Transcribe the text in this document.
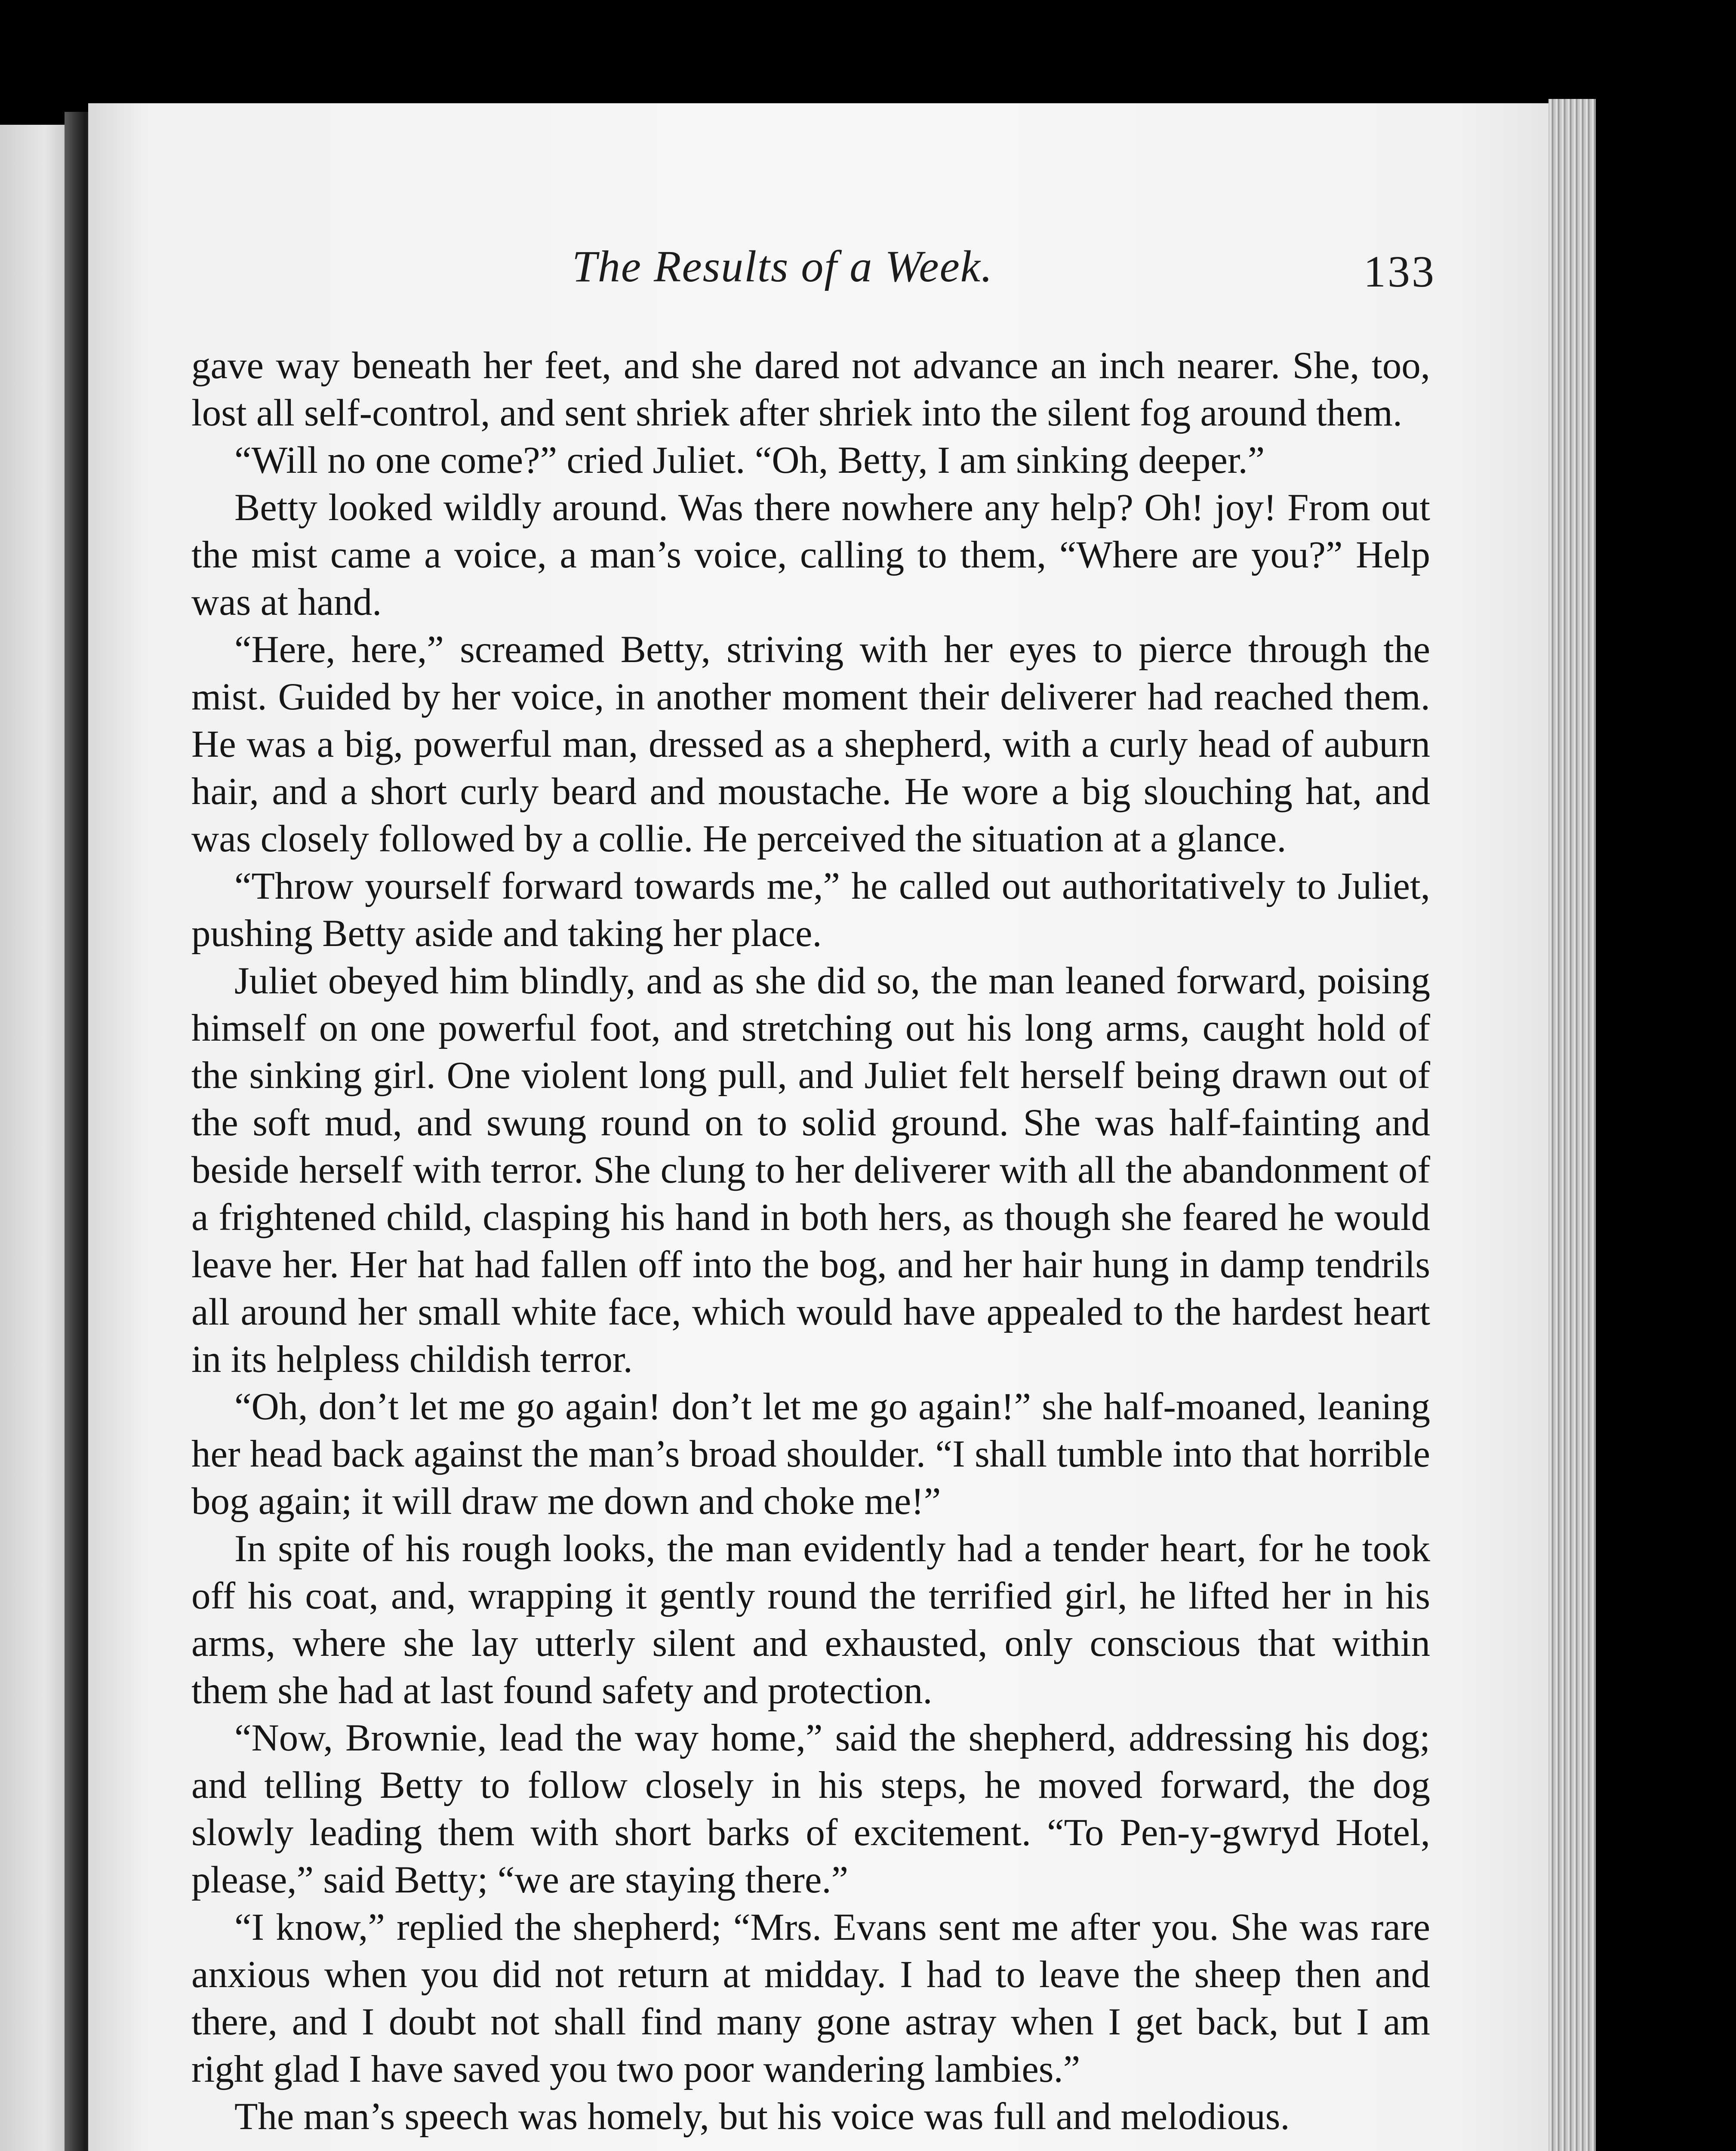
The Results of a Week.	133

gave way beneath her feet, and she dared not advance an inch nearer. She, too, lost all self-control, and sent shriek after shriek into the silent fog around them.

“Will no one come?” cried Juliet. “Oh, Betty, I am sinking deeper.”

Betty looked wildly around. Was there nowhere any help? Oh! joy! From out the mist came a voice, a man’s voice, calling to them, “Where are you?” Help was at hand.

“Here, here,” screamed Betty, striving with her eyes to pierce through the mist. Guided by her voice, in another moment their deliverer had reached them. He was a big, powerful man, dressed as a shepherd, with a curly head of auburn hair, and a short curly beard and moustache. He wore a big slouching hat, and was closely followed by a collie. He perceived the situation at a glance.

“Throw yourself forward towards me,” he called out authoritatively to Juliet, pushing Betty aside and taking her place.

Juliet obeyed him blindly, and as she did so, the man leaned forward, poising himself on one powerful foot, and stretching out his long arms, caught hold of the sinking girl. One violent long pull, and Juliet felt herself being drawn out of the soft mud, and swung round on to solid ground. She was half-fainting and beside herself with terror. She clung to her deliverer with all the abandonment of a frightened child, clasping his hand in both hers, as though she feared he would leave her. Her hat had fallen off into the bog, and her hair hung in damp tendrils all around her small white face, which would have appealed to the hardest heart in its helpless childish terror.

“Oh, don’t let me go again! don’t let me go again!” she half-moaned, leaning her head back against the man’s broad shoulder. “I shall tumble into that horrible bog again; it will draw me down and choke me!”

In spite of his rough looks, the man evidently had a tender heart, for he took off his coat, and, wrapping it gently round the terrified girl, he lifted her in his arms, where she lay utterly silent and exhausted, only conscious that within them she had at last found safety and protection.

“Now, Brownie, lead the way home,” said the shepherd, addressing his dog; and telling Betty to follow closely in his steps, he moved forward, the dog slowly leading them with short barks of excitement. “To Pen-y-gwryd Hotel, please,” said Betty; “we are staying there.”

“I know,” replied the shepherd; “Mrs. Evans sent me after you. She was rare anxious when you did not return at midday. I had to leave the sheep then and there, and I doubt not shall find many gone astray when I get back, but I am right glad I have saved you two poor wandering lambies.”

The man’s speech was homely, but his voice was full and melodious.
